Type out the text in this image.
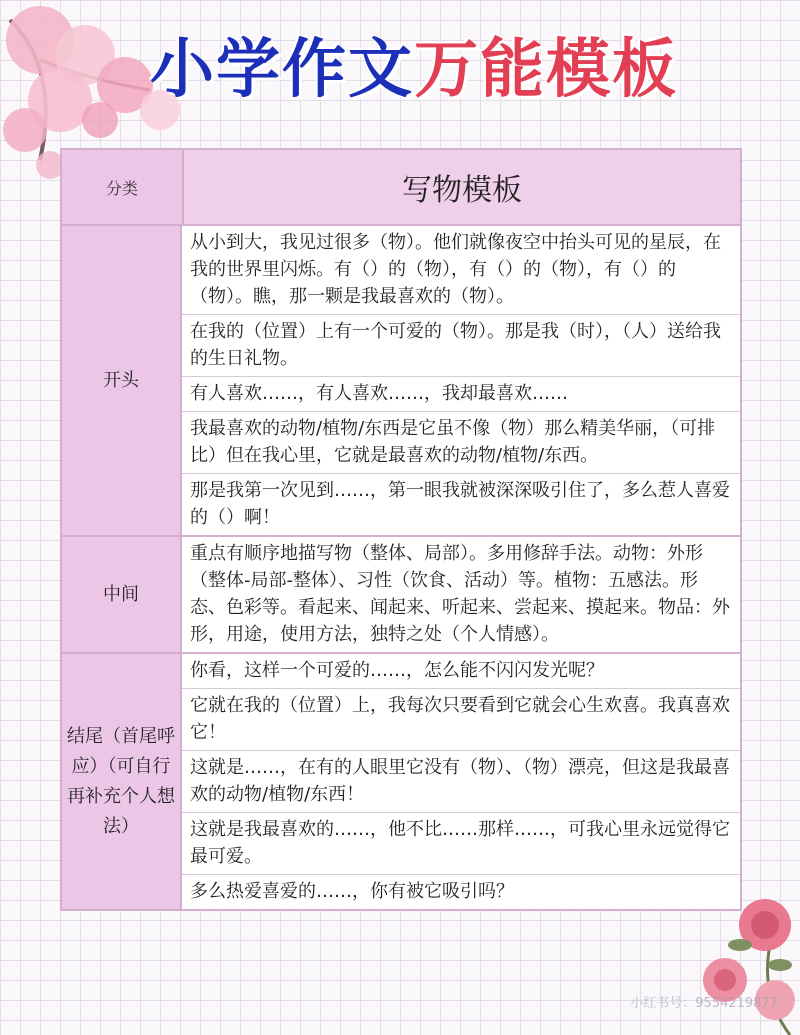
小学作文万能模板
分类	写物模板
开头
从小到大，我见过很多（物）。他们就像夜空中抬头可见的星辰，在我的世界里闪烁。有（）的（物），有（）的（物），有（）的（物）。瞧，那一颗是我最喜欢的（物）。
在我的（位置）上有一个可爱的（物）。那是我（时），（人）送给我的生日礼物。
有人喜欢……，有人喜欢……，我却最喜欢……
我最喜欢的动物/植物/东西是它虽不像（物）那么精美华丽，（可排比）但在我心里，它就是最喜欢的动物/植物/东西。
那是我第一次见到……，第一眼我就被深深吸引住了，多么惹人喜爱的（）啊！
中间
重点有顺序地描写物（整体、局部）。多用修辞手法。动物：外形（整体-局部-整体）、习性（饮食、活动）等。植物：五感法。形态、色彩等。看起来、闻起来、听起来、尝起来、摸起来。物品：外形，用途，使用方法，独特之处（个人情感）。
结尾（首尾呼应）（可自行再补充个人想法）
你看，这样一个可爱的……，怎么能不闪闪发光呢？
它就在我的（位置）上，我每次只要看到它就会心生欢喜。我真喜欢它！
这就是……，在有的人眼里它没有（物）、（物）漂亮，但这是我最喜欢的动物/植物/东西！
这就是我最喜欢的……，他不比……那样……，可我心里永远觉得它最可爱。
多么热爱喜爱的……，你有被它吸引吗？
小红书号：9554219877
